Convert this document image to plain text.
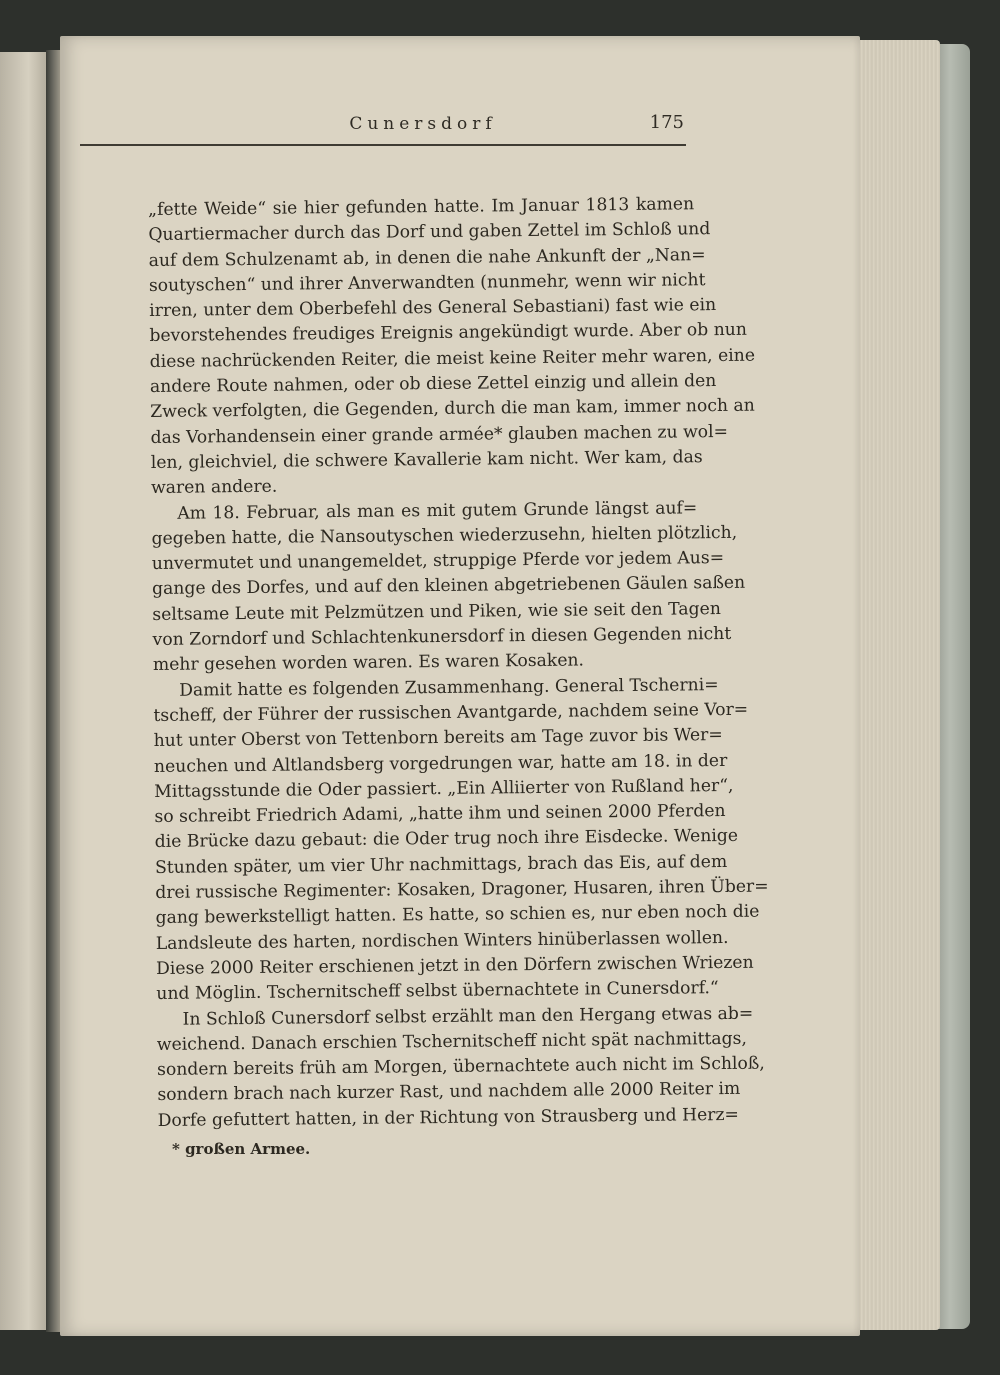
Cunersdorf	175

„fette Weide“ sie hier gefunden hatte. Im Januar 1813 kamen
Quartiermacher durch das Dorf und gaben Zettel im Schloß und
auf dem Schulzenamt ab, in denen die nahe Ankunft der „Nan=
soutyschen“ und ihrer Anverwandten (nunmehr, wenn wir nicht
irren, unter dem Oberbefehl des General Sebastiani) fast wie ein
bevorstehendes freudiges Ereignis angekündigt wurde. Aber ob nun
diese nachrückenden Reiter, die meist keine Reiter mehr waren, eine
andere Route nahmen, oder ob diese Zettel einzig und allein den
Zweck verfolgten, die Gegenden, durch die man kam, immer noch an
das Vorhandensein einer grande armée* glauben machen zu wol=
len, gleichviel, die schwere Kavallerie kam nicht. Wer kam, das
waren andere.

Am 18. Februar, als man es mit gutem Grunde längst auf=
gegeben hatte, die Nansoutyschen wiederzusehn, hielten plötzlich,
unvermutet und unangemeldet, struppige Pferde vor jedem Aus=
gange des Dorfes, und auf den kleinen abgetriebenen Gäulen saßen
seltsame Leute mit Pelzmützen und Piken, wie sie seit den Tagen
von Zorndorf und Schlachtenkunersdorf in diesen Gegenden nicht
mehr gesehen worden waren. Es waren Kosaken.

Damit hatte es folgenden Zusammenhang. General Tscherni=
tscheff, der Führer der russischen Avantgarde, nachdem seine Vor=
hut unter Oberst von Tettenborn bereits am Tage zuvor bis Wer=
neuchen und Altlandsberg vorgedrungen war, hatte am 18. in der
Mittagsstunde die Oder passiert. „Ein Alliierter von Rußland her“,
so schreibt Friedrich Adami, „hatte ihm und seinen 2000 Pferden
die Brücke dazu gebaut: die Oder trug noch ihre Eisdecke. Wenige
Stunden später, um vier Uhr nachmittags, brach das Eis, auf dem
drei russische Regimenter: Kosaken, Dragoner, Husaren, ihren Über=
gang bewerkstelligt hatten. Es hatte, so schien es, nur eben noch die
Landsleute des harten, nordischen Winters hinüberlassen wollen.
Diese 2000 Reiter erschienen jetzt in den Dörfern zwischen Wriezen
und Möglin. Tschernitscheff selbst übernachtete in Cunersdorf.“

In Schloß Cunersdorf selbst erzählt man den Hergang etwas ab=
weichend. Danach erschien Tschernitscheff nicht spät nachmittags,
sondern bereits früh am Morgen, übernachtete auch nicht im Schloß,
sondern brach nach kurzer Rast, und nachdem alle 2000 Reiter im
Dorfe gefuttert hatten, in der Richtung von Strausberg und Herz=

* großen Armee.
